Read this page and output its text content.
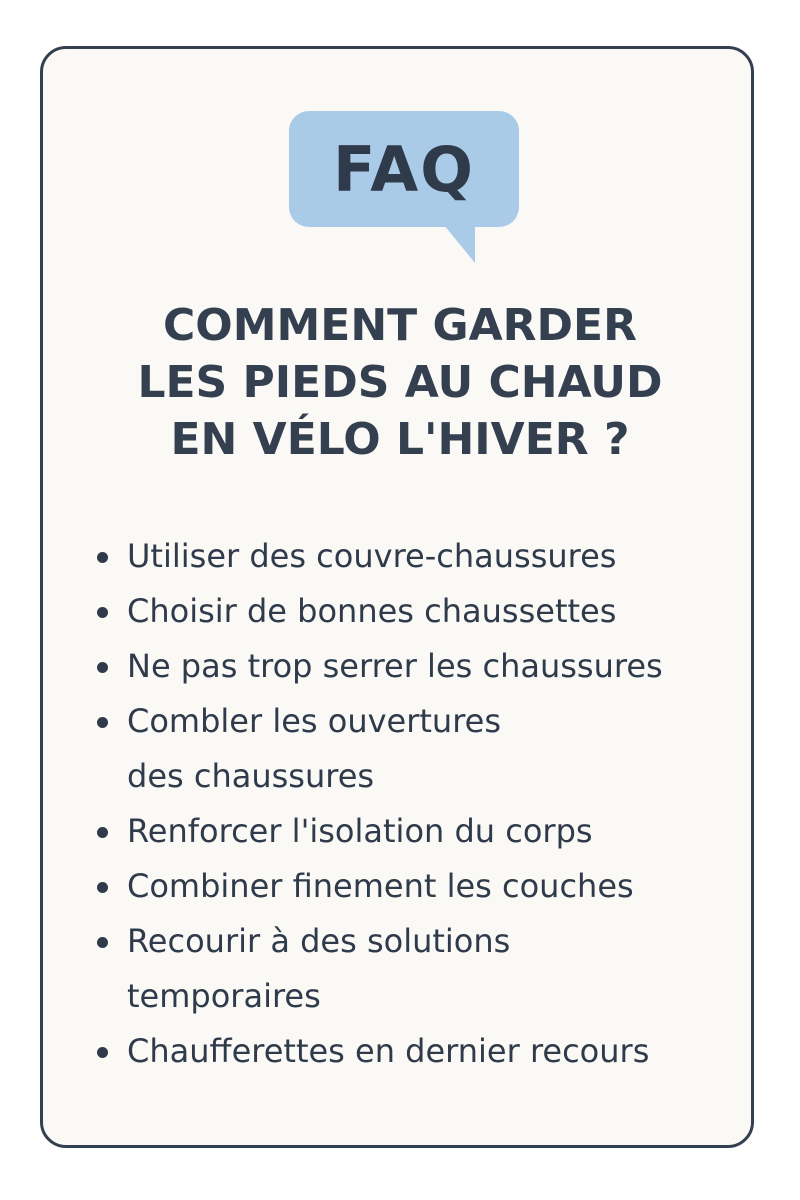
FAQ
COMMENT GARDER
LES PIEDS AU CHAUD
EN VÉLO L'HIVER ?
Utiliser des couvre-chaussures
Choisir de bonnes chaussettes
Ne pas trop serrer les chaussures
Combler les ouvertures
des chaussures
Renforcer l'isolation du corps
Combiner finement les couches
Recourir à des solutions
temporaires
Chaufferettes en dernier recours
